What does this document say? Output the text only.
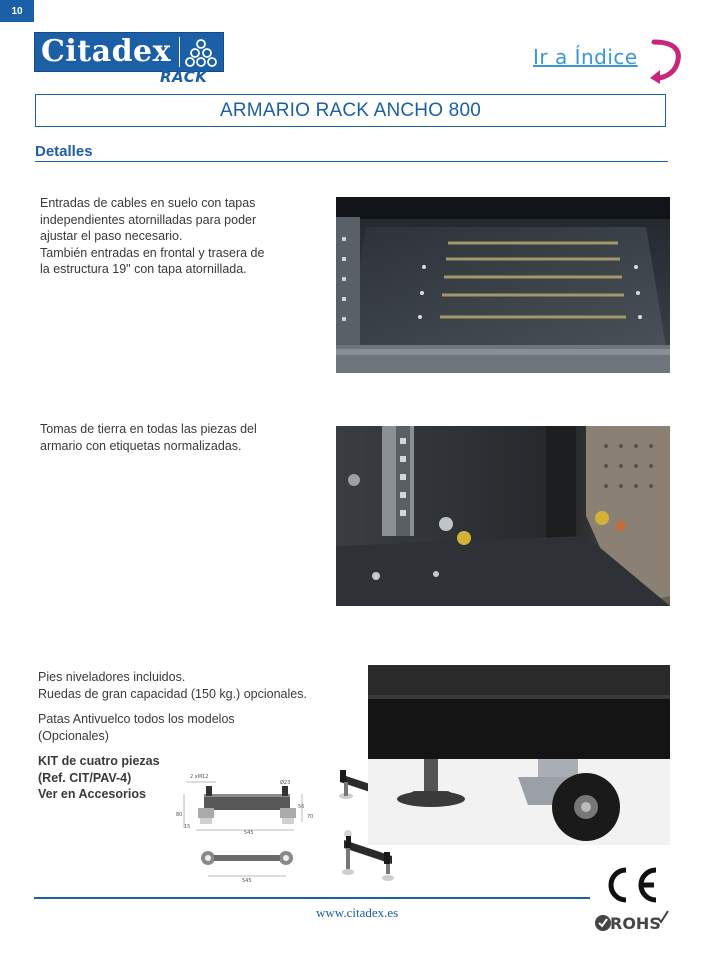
10
Citadex
RACK
Ir a Índice
ARMARIO RACK ANCHO 800
Detalles

Entradas de cables en suelo con tapas

independientes atornilladas para poder

ajustar el paso necesario.

También entradas en frontal y trasera de

la estructura 19" con tapa atornillada.

Tomas de tierra en todas las piezas del

armario con etiquetas normalizadas.

Pies niveladores incluidos.

Ruedas de gran capacidad (150 kg.) opcionales.

Patas Antivuelco todos los modelos

(Opcionales)

KIT de cuatro piezas

(Ref. CIT/PAV-4)

Ver en Accesorios

2 xM12
Ø23
80
56
70
15
545
545
www.citadex.es
ROHS
